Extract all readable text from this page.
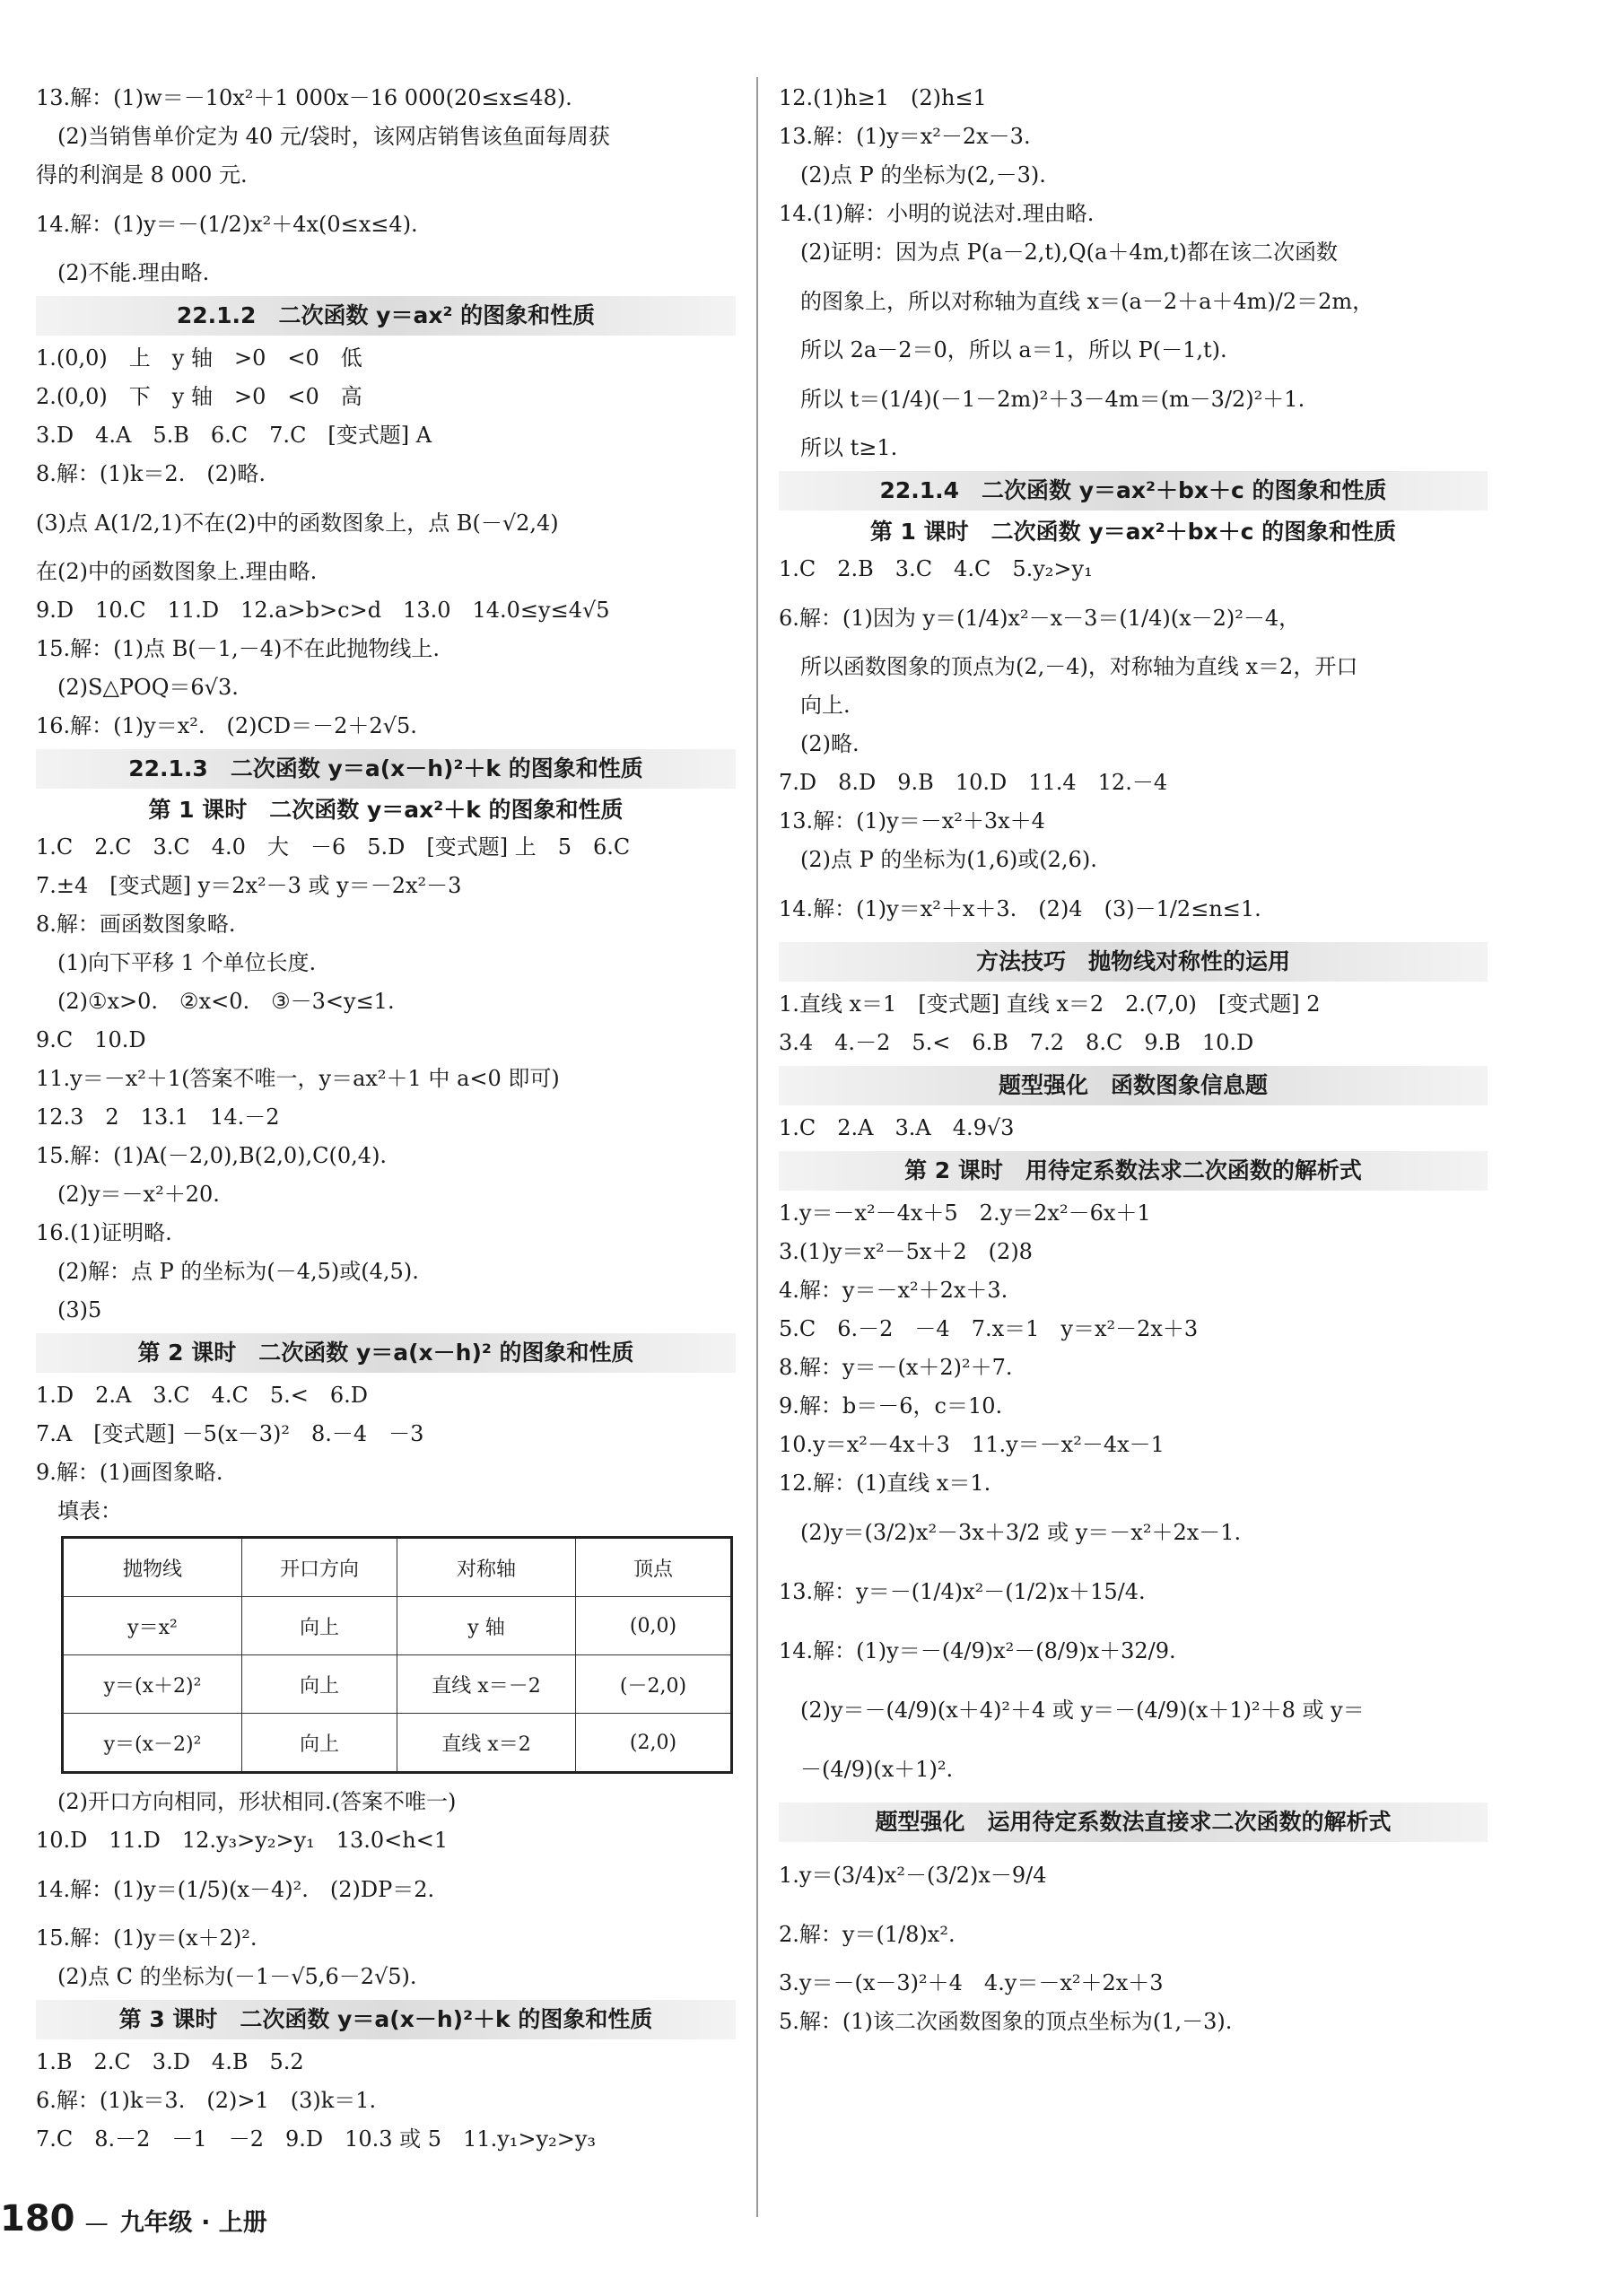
13.解：(1)w＝－10x²＋1 000x－16 000(20≤x≤48).
(2)当销售单价定为 40 元/袋时，该网店销售该鱼面每周获
得的利润是 8 000 元.
14.解：(1)y＝－(1/2)x²＋4x(0≤x≤4).
(2)不能.理由略.
22.1.2　二次函数 y＝ax² 的图象和性质
1.(0,0)　上　y 轴　>0　<0　低
2.(0,0)　下　y 轴　>0　<0　高
3.D　4.A　5.B　6.C　7.C　[变式题] A
8.解：(1)k＝2.　(2)略.
(3)点 A(1/2,1)不在(2)中的函数图象上，点 B(－√2,4)
在(2)中的函数图象上.理由略.
9.D　10.C　11.D　12.a>b>c>d　13.0　14.0≤y≤4√5
15.解：(1)点 B(－1,－4)不在此抛物线上.
(2)S△POQ＝6√3.
16.解：(1)y＝x².　(2)CD＝－2＋2√5.
22.1.3　二次函数 y＝a(x－h)²＋k 的图象和性质
第 1 课时　二次函数 y＝ax²＋k 的图象和性质
1.C　2.C　3.C　4.0　大　－6　5.D　[变式题] 上　5　6.C
7.±4　[变式题] y＝2x²－3 或 y＝－2x²－3
8.解：画函数图象略.
(1)向下平移 1 个单位长度.
(2)①x>0.　②x<0.　③－3<y≤1.
9.C　10.D
11.y＝－x²＋1(答案不唯一，y＝ax²＋1 中 a<0 即可)
12.3　2　13.1　14.－2
15.解：(1)A(－2,0),B(2,0),C(0,4).
(2)y＝－x²＋20.
16.(1)证明略.
(2)解：点 P 的坐标为(－4,5)或(4,5).
(3)5
第 2 课时　二次函数 y＝a(x－h)² 的图象和性质
1.D　2.A　3.C　4.C　5.<　6.D
7.A　[变式题] －5(x－3)²　8.－4　－3
9.解：(1)画图象略.
填表：
抛物线	开口方向	对称轴	顶点
y＝x²	向上	y 轴	(0,0)
y＝(x＋2)²	向上	直线 x＝－2	(－2,0)
y＝(x－2)²	向上	直线 x＝2	(2,0)
(2)开口方向相同，形状相同.(答案不唯一)
10.D　11.D　12.y₃>y₂>y₁　13.0<h<1
14.解：(1)y＝(1/5)(x－4)².　(2)DP＝2.
15.解：(1)y＝(x＋2)².
(2)点 C 的坐标为(－1－√5,6－2√5).
第 3 课时　二次函数 y＝a(x－h)²＋k 的图象和性质
1.B　2.C　3.D　4.B　5.2
6.解：(1)k＝3.　(2)>1　(3)k＝1.
7.C　8.－2　－1　－2　9.D　10.3 或 5　11.y₁>y₂>y₃
12.(1)h≥1　(2)h≤1
13.解：(1)y＝x²－2x－3.
(2)点 P 的坐标为(2,－3).
14.(1)解：小明的说法对.理由略.
(2)证明：因为点 P(a－2,t),Q(a＋4m,t)都在该二次函数
的图象上，所以对称轴为直线 x＝(a－2＋a＋4m)/2＝2m，
所以 2a－2＝0，所以 a＝1，所以 P(－1,t).
所以 t＝(1/4)(－1－2m)²＋3－4m＝(m－3/2)²＋1.
所以 t≥1.
22.1.4　二次函数 y＝ax²＋bx＋c 的图象和性质
第 1 课时　二次函数 y＝ax²＋bx＋c 的图象和性质
1.C　2.B　3.C　4.C　5.y₂>y₁
6.解：(1)因为 y＝(1/4)x²－x－3＝(1/4)(x－2)²－4，
所以函数图象的顶点为(2,－4)，对称轴为直线 x＝2，开口
向上.
(2)略.
7.D　8.D　9.B　10.D　11.4　12.－4
13.解：(1)y＝－x²＋3x＋4
(2)点 P 的坐标为(1,6)或(2,6).
14.解：(1)y＝x²＋x＋3.　(2)4　(3)－1/2≤n≤1.
方法技巧　抛物线对称性的运用
1.直线 x＝1　[变式题] 直线 x＝2　2.(7,0)　[变式题] 2
3.4　4.－2　5.<　6.B　7.2　8.C　9.B　10.D
题型强化　函数图象信息题
1.C　2.A　3.A　4.9√3
第 2 课时　用待定系数法求二次函数的解析式
1.y＝－x²－4x＋5　2.y＝2x²－6x＋1
3.(1)y＝x²－5x＋2　(2)8
4.解：y＝－x²＋2x＋3.
5.C　6.－2　－4　7.x＝1　y＝x²－2x＋3
8.解：y＝－(x＋2)²＋7.
9.解：b＝－6，c＝10.
10.y＝x²－4x＋3　11.y＝－x²－4x－1
12.解：(1)直线 x＝1.
(2)y＝(3/2)x²－3x＋3/2 或 y＝－x²＋2x－1.
13.解：y＝－(1/4)x²－(1/2)x＋15/4.
14.解：(1)y＝－(4/9)x²－(8/9)x＋32/9.
(2)y＝－(4/9)(x＋4)²＋4 或 y＝－(4/9)(x＋1)²＋8 或 y＝
－(4/9)(x＋1)².
题型强化　运用待定系数法直接求二次函数的解析式
1.y＝(3/4)x²－(3/2)x－9/4
2.解：y＝(1/8)x².
3.y＝－(x－3)²＋4　4.y＝－x²＋2x＋3
5.解：(1)该二次函数图象的顶点坐标为(1,－3).
180 — 九年级 · 上册
